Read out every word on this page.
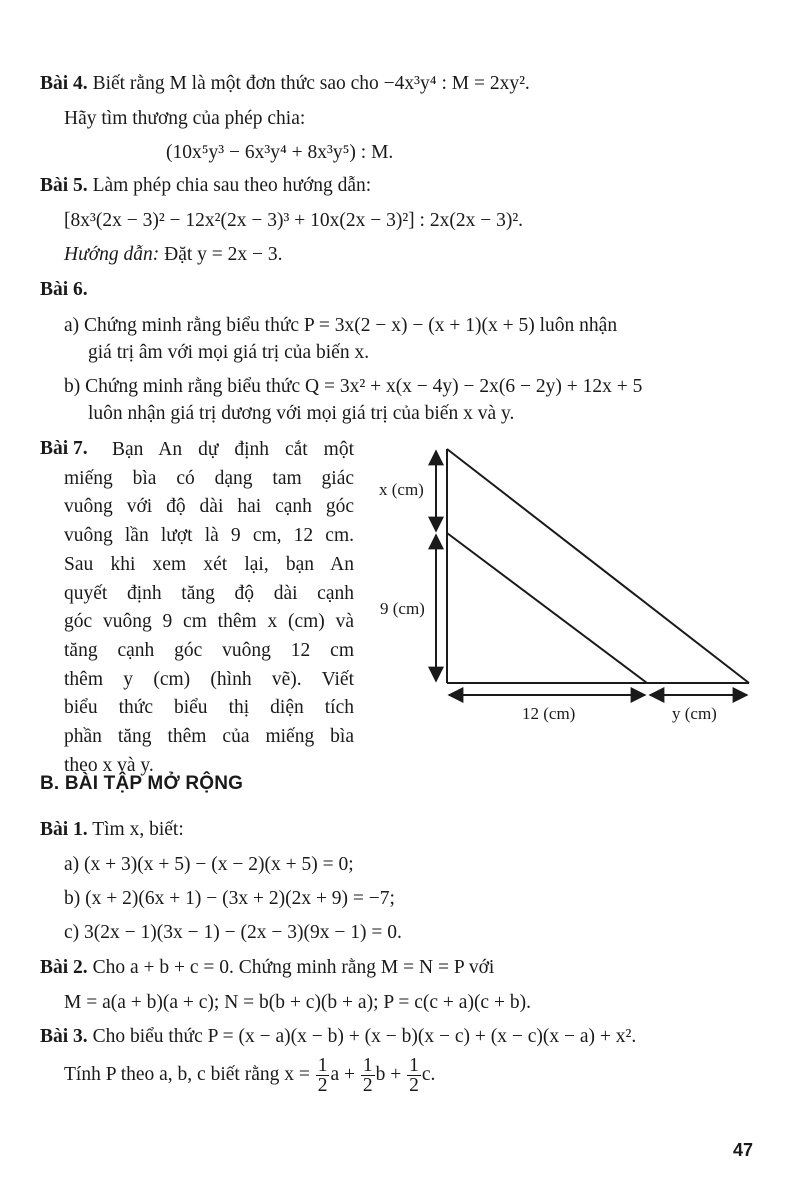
Bài 4. Biết rằng M là một đơn thức sao cho −4x³y⁴ : M = 2xy².
Hãy tìm thương của phép chia:
(10x⁵y³ − 6x³y⁴ + 8x³y⁵) : M.
Bài 5. Làm phép chia sau theo hướng dẫn:
[8x³(2x − 3)² − 12x²(2x − 3)³ + 10x(2x − 3)²] : 2x(2x − 3)².
Hướng dẫn: Đặt y = 2x − 3.
Bài 6.
a) Chứng minh rằng biểu thức P = 3x(2 − x) − (x + 1)(x + 5) luôn nhận
giá trị âm với mọi giá trị của biến x.
b) Chứng minh rằng biểu thức Q = 3x² + x(x − 4y) − 2x(6 − 2y) + 12x + 5
luôn nhận giá trị dương với mọi giá trị của biến x và y.
Bài 7.	Bạn An dự định cắt một
miếng bìa có dạng tam giác
vuông với độ dài hai cạnh góc
vuông lần lượt là 9 cm, 12 cm.
Sau khi xem xét lại, bạn An
quyết định tăng độ dài cạnh
góc vuông 9 cm thêm x (cm) và
tăng cạnh góc vuông 12 cm
thêm y (cm) (hình vẽ). Viết
biểu thức biểu thị diện tích
phần tăng thêm của miếng bìa
theo x và y.
x (cm)
9 (cm)
12 (cm)	y (cm)
B. BÀI TẬP MỞ RỘNG
Bài 1. Tìm x, biết:
a) (x + 3)(x + 5) − (x − 2)(x + 5) = 0;
b) (x + 2)(6x + 1) − (3x + 2)(2x + 9) = −7;
c) 3(2x − 1)(3x − 1) − (2x − 3)(9x − 1) = 0.
Bài 2. Cho a + b + c = 0. Chứng minh rằng M = N = P với
M = a(a + b)(a + c); N = b(b + c)(b + a); P = c(c + a)(c + b).
Bài 3. Cho biểu thức P = (x − a)(x − b) + (x − b)(x − c) + (x − c)(x − a) + x².
Tính P theo a, b, c biết rằng $x = \frac{1}{2}$ $a + \frac{1}{2}$ $b + \frac{1}{2} c$.
47
